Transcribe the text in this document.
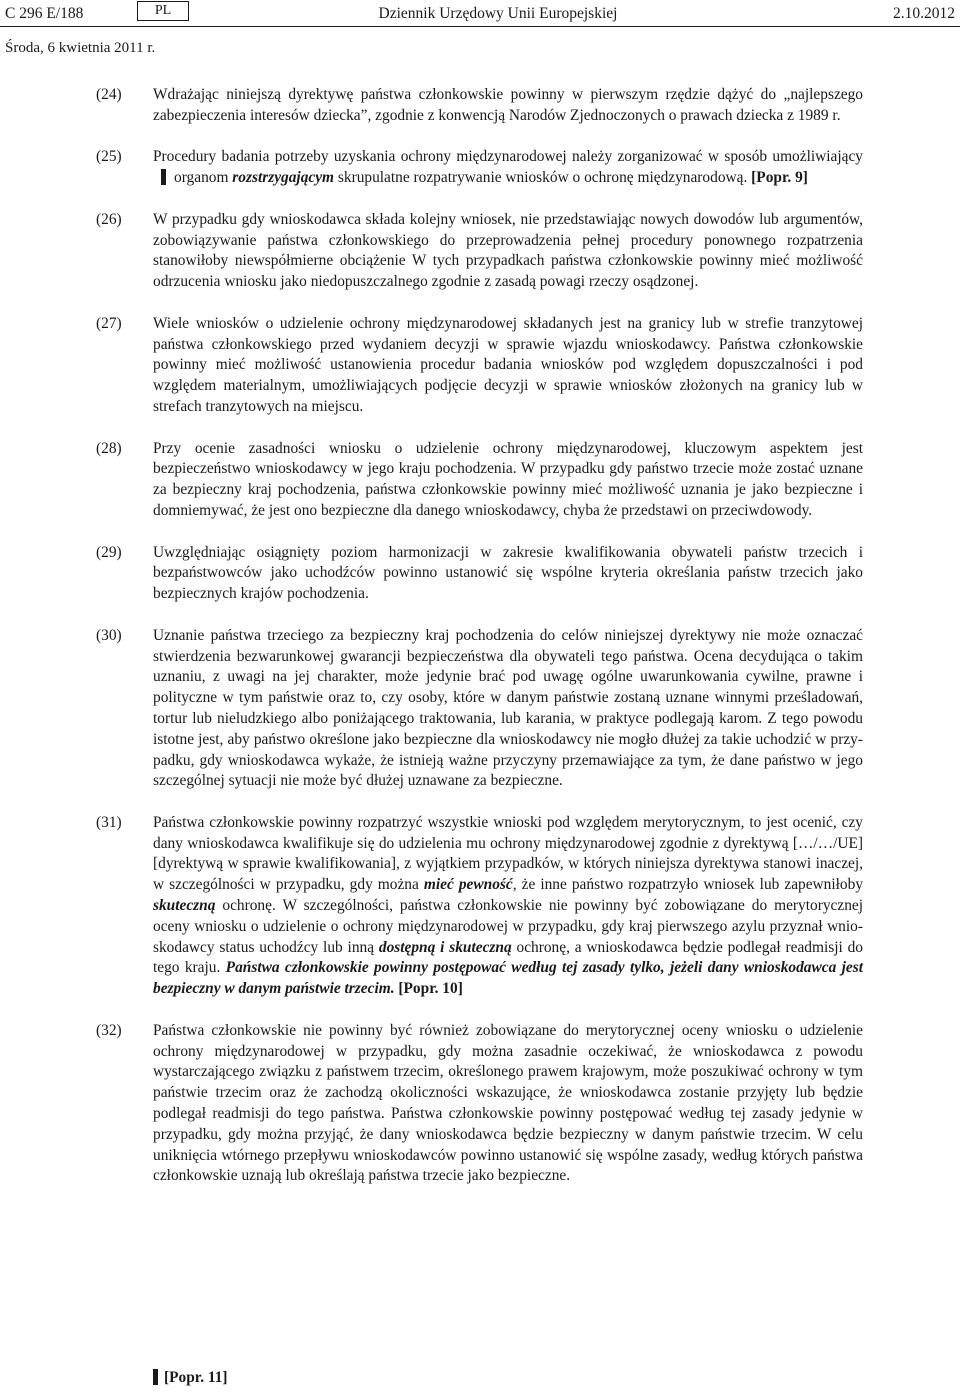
C 296 E/188	PL	Dziennik Urzędowy Unii Europejskiej	2.10.2012
Środa, 6 kwietnia 2011 r.
(24) Wdrażając niniejszą dyrektywę państwa członkowskie powinny w pierwszym rzędzie dążyć do „najlepszego zabezpieczenia interesów dziecka”, zgodnie z konwencją Narodów Zjednoczonych o prawach dziecka z 1989 r.
(25) Procedury badania potrzeby uzyskania ochrony międzynarodowej należy zorganizować w sposób umożliwiającyorganom rozstrzygającym skrupulatne rozpatrywanie wniosków o ochronę międzynarodową. [Popr. 9]
(26) W przypadku gdy wnioskodawca składa kolejny wniosek, nie przedstawiając nowych dowodów lub argumentów, zobowiązywanie państwa członkowskiego do przeprowadzenia pełnej procedury ponownego rozpatrzenia stanowiłoby niewspółmierne obciążenie W tych przypadkach państwa członkowskie powinny mieć możliwość odrzucenia wniosku jako niedopuszczalnego zgodnie z zasadą powagi rzeczy osądzonej.
(27) Wiele wniosków o udzielenie ochrony międzynarodowej składanych jest na granicy lub w strefie tranzytowej państwa członkowskiego przed wydaniem decyzji w sprawie wjazdu wnioskodawcy. Państwa członkowskie powinny mieć możliwość ustanowienia procedur badania wniosków pod względem dopuszczalności i pod względem materialnym, umożliwiających podjęcie decyzji w sprawie wniosków złożonych na granicy lub w strefach tranzytowych na miejscu.
(28) Przy ocenie zasadności wniosku o udzielenie ochrony międzynarodowej, kluczowym aspektem jest bezpieczeństwo wnioskodawcy w jego kraju pochodzenia. W przypadku gdy państwo trzecie może zostać uznane za bezpieczny kraj pochodzenia, państwa członkowskie powinny mieć możliwość uznania je jako bezpieczne i domniemywać, że jest ono bezpieczne dla danego wnioskodawcy, chyba że przedstawi on przeciwdowody.
(29) Uwzględniając osiągnięty poziom harmonizacji w zakresie kwalifikowania obywateli państw trzecich i bezpaństwowców jako uchodźców powinno ustanowić się wspólne kryteria określania państw trzecich jako bezpiecznych krajów pochodzenia.
(30) Uznanie państwa trzeciego za bezpieczny kraj pochodzenia do celów niniejszej dyrektywy nie może oznaczać stwierdzenia bezwarunkowej gwarancji bezpieczeństwa dla obywateli tego państwa. Ocena decydująca o takim uznaniu, z uwagi na jej charakter, może jedynie brać pod uwagę ogólne uwarunkowania cywilne, prawne i polityczne w tym państwie oraz to, czy osoby, które w danym państwie zostaną uznane winnymi prześladowań, tortur lub nieludzkiego albo poniżającego traktowania, lub karania, w praktyce podlegają karom. Z tego powodu istotne jest, aby państwo określone jako bezpieczne dla wnioskodawcy nie mogło dłużej za takie uchodzić w przypadku, gdy wnioskodawca wykaże, że istnieją ważne przyczyny przemawiające za tym, że dane państwo w jego szczególnej sytuacji nie może być dłużej uznawane za bezpieczne.
(31) Państwa członkowskie powinny rozpatrzyć wszystkie wnioski pod względem merytorycznym, to jest ocenić, czy dany wnioskodawca kwalifikuje się do udzielenia mu ochrony międzynarodowej zgodnie z dyrektywą […/…/UE] [dyrektywą w sprawie kwalifikowania], z wyjątkiem przypadków, w których niniejsza dyrektywa stanowi inaczej, w szczególności w przypadku, gdy można mieć pewność, że inne państwo rozpatrzyło wniosek lub zapewniłoby skuteczną ochronę. W szczególności, państwa członkowskie nie powinny być zobowiązane do merytorycznej oceny wniosku o udzielenie o ochrony międzynarodowej w przypadku, gdy kraj pierwszego azylu przyznał wnioskodawcy status uchodźcy lub inną dostępną i skuteczną ochronę, a wnioskodawca będzie podlegał readmisji do tego kraju. Państwa członkowskie powinny postępować według tej zasady tylko, jeżeli dany wnioskodawca jest bezpieczny w danym państwie trzecim. [Popr. 10]
(32) Państwa członkowskie nie powinny być również zobowiązane do merytorycznej oceny wniosku o udzielenie ochrony międzynarodowej w przypadku, gdy można zasadnie oczekiwać, że wnioskodawca z powodu wystarczającego związku z państwem trzecim, określonego prawem krajowym, może poszukiwać ochrony w tym państwie trzecim oraz że zachodzą okoliczności wskazujące, że wnioskodawca zostanie przyjęty lub będzie podlegał readmisji do tego państwa. Państwa członkowskie powinny postępować według tej zasady jedynie w przypadku, gdy można przyjąć, że dany wnioskodawca będzie bezpieczny w danym państwie trzecim. W celu uniknięcia wtórnego przepływu wnioskodawców powinno ustanowić się wspólne zasady, według których państwa członkowskie uznają lub określają państwa trzecie jako bezpieczne.
[Popr. 11]
